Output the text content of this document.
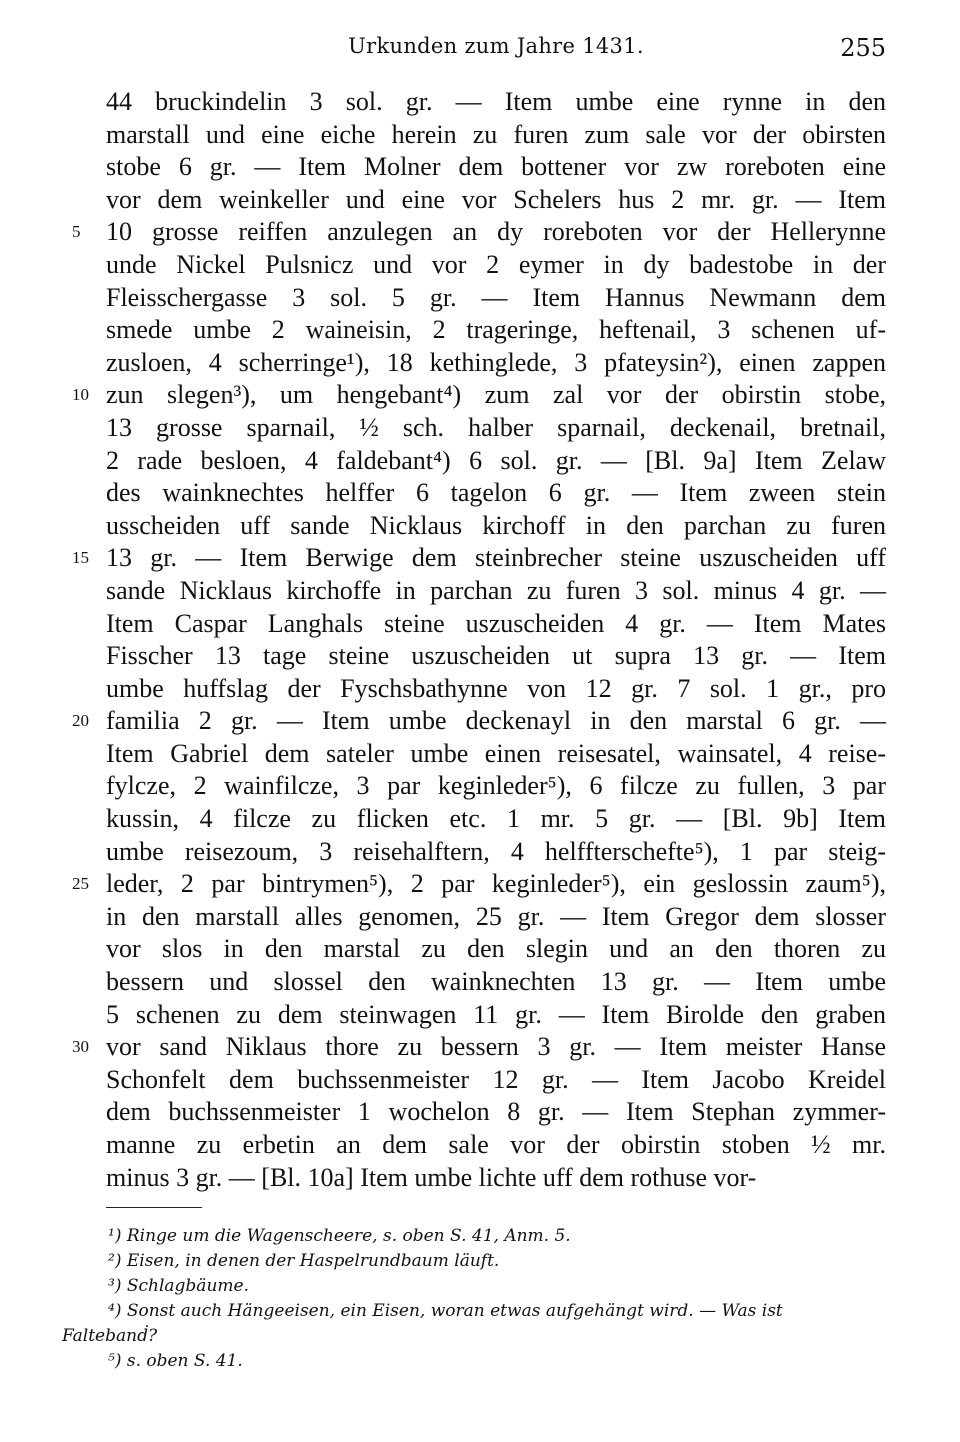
Urkunden zum Jahre 1431.	255
44 bruckindelin 3 sol. gr. — Item umbe eine rynne in den
marstall und eine eiche herein zu furen zum sale vor der obirsten
stobe 6 gr. — Item Molner dem bottener vor zw roreboten eine
vor dem weinkeller und eine vor Schelers hus 2 mr. gr. — Item
5 10 grosse reiffen anzulegen an dy roreboten vor der Hellerynne
unde Nickel Pulsnicz und vor 2 eymer in dy badestobe in der
Fleisschergasse 3 sol. 5 gr. — Item Hannus Newmann dem
smede umbe 2 waineisin, 2 trageringe, heftenail, 3 schenen uf-
zusloen, 4 scherringe¹), 18 kethinglede, 3 pfateysin²), einen zappen
10 zun slegen³), um hengebant⁴) zum zal vor der obirstin stobe,
13 grosse sparnail, ½ sch. halber sparnail, deckenail, bretnail,
2 rade besloen, 4 faldebant⁴) 6 sol. gr. — [Bl. 9a] Item Zelaw
des wainknechtes helffer 6 tagelon 6 gr. — Item zween stein
usscheiden uff sande Nicklaus kirchoff in den parchan zu furen
15 13 gr. — Item Berwige dem steinbrecher steine uszuscheiden uff
sande Nicklaus kirchoffe in parchan zu furen 3 sol. minus 4 gr. —
Item Caspar Langhals steine uszuscheiden 4 gr. — Item Mates
Fisscher 13 tage steine uszuscheiden ut supra 13 gr. — Item
umbe huffslag der Fyschsbathynne von 12 gr. 7 sol. 1 gr., pro
20 familia 2 gr. — Item umbe deckenayl in den marstal 6 gr. —
Item Gabriel dem sateler umbe einen reisesatel, wainsatel, 4 reise-
fylcze, 2 wainfilcze, 3 par keginleder⁵), 6 filcze zu fullen, 3 par
kussin, 4 filcze zu flicken etc. 1 mr. 5 gr. — [Bl. 9b] Item
umbe reisezoum, 3 reisehalftern, 4 helffterschefte⁵), 1 par steig-
25 leder, 2 par bintrymen⁵), 2 par keginleder⁵), ein geslossin zaum⁵),
in den marstall alles genomen, 25 gr. — Item Gregor dem slosser
vor slos in den marstal zu den slegin und an den thoren zu
bessern und slossel den wainknechten 13 gr. — Item umbe
5 schenen zu dem steinwagen 11 gr. — Item Birolde den graben
30 vor sand Niklaus thore zu bessern 3 gr. — Item meister Hanse
Schonfelt dem buchssenmeister 12 gr. — Item Jacobo Kreidel
dem buchssenmeister 1 wochelon 8 gr. — Item Stephan zymmer-
manne zu erbetin an dem sale vor der obirstin stoben ½ mr.
minus 3 gr. — [Bl. 10a] Item umbe lichte uff dem rothuse vor-
¹) Ringe um die Wagenscheere, s. oben S. 41, Anm. 5.
²) Eisen, in denen der Haspelrundbaum läuft.
³) Schlagbäume.
⁴) Sonst auch Hängeeisen, ein Eisen, woran etwas aufgehängt wird. — Was ist
Faltebanḋ?
⁵) s. oben S. 41.
